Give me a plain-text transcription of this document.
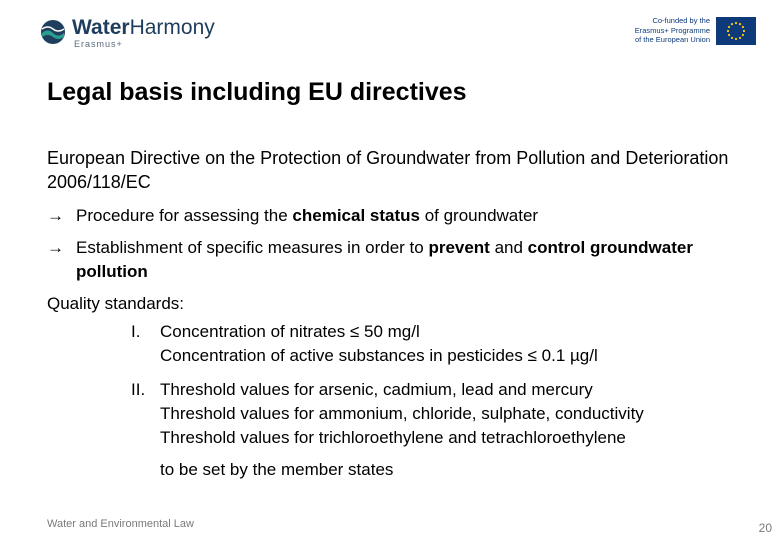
WaterHarmony
Erasmus+
Co-funded by the
Erasmus+ Programme
of the European Union
Legal basis including EU directives

European Directive on the Protection of Groundwater from Pollution and Deterioration 2006/118/EC

→ Procedure for assessing the chemical status of groundwater
→ Establishment of specific measures in order to prevent and control groundwater pollution
Quality standards:
I. Concentration of nitrates ≤ 50 mg/l
Concentration of active substances in pesticides ≤ 0.1 µg/l
II. Threshold values for arsenic, cadmium, lead and mercury
Threshold values for ammonium, chloride, sulphate, conductivity
Threshold values for trichloroethylene and tetrachloroethylene
to be set by the member states
Water and Environmental Law	20
